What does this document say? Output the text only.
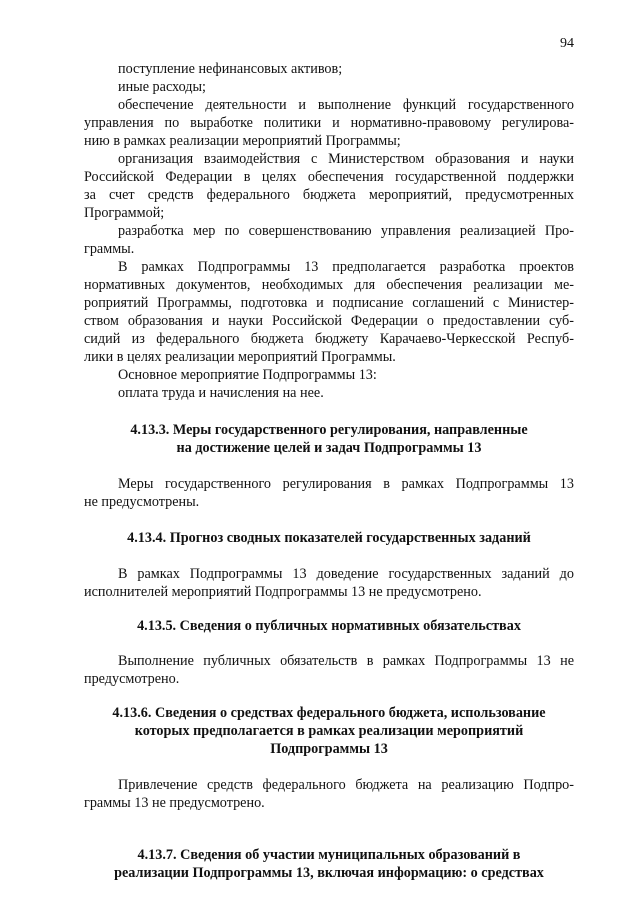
94
поступление нефинансовых активов;
иные расходы;
обеспечение деятельности и выполнение функций государственного
управления по выработке политики и нормативно-правовому регулирова-
нию в рамках реализации мероприятий Программы;
организация взаимодействия с Министерством образования и науки
Российской Федерации в целях обеспечения государственной поддержки
за счет средств федерального бюджета мероприятий, предусмотренных
Программой;
разработка мер по совершенствованию управления реализацией Про-
граммы.
В рамках Подпрограммы 13 предполагается разработка проектов
нормативных документов, необходимых для обеспечения реализации ме-
роприятий Программы, подготовка и подписание соглашений с Министер-
ством образования и науки Российской Федерации о предоставлении суб-
сидий из федерального бюджета бюджету Карачаево-Черкесской Респуб-
лики в целях реализации мероприятий Программы.
Основное мероприятие Подпрограммы 13:
оплата труда и начисления на нее.
4.13.3. Меры государственного регулирования, направленные
на достижение целей и задач Подпрограммы 13
Меры государственного регулирования в рамках Подпрограммы 13
не предусмотрены.
4.13.4. Прогноз сводных показателей государственных заданий
В рамках Подпрограммы 13 доведение государственных заданий до
исполнителей мероприятий Подпрограммы 13 не предусмотрено.
4.13.5. Сведения о публичных нормативных обязательствах
Выполнение публичных обязательств в рамках Подпрограммы 13 не
предусмотрено.
4.13.6. Сведения о средствах федерального бюджета, использование
которых предполагается в рамках реализации мероприятий
Подпрограммы 13
Привлечение средств федерального бюджета на реализацию Подпро-
граммы 13 не предусмотрено.
4.13.7. Сведения об участии муниципальных образований в
реализации Подпрограммы 13, включая информацию: о средствах
